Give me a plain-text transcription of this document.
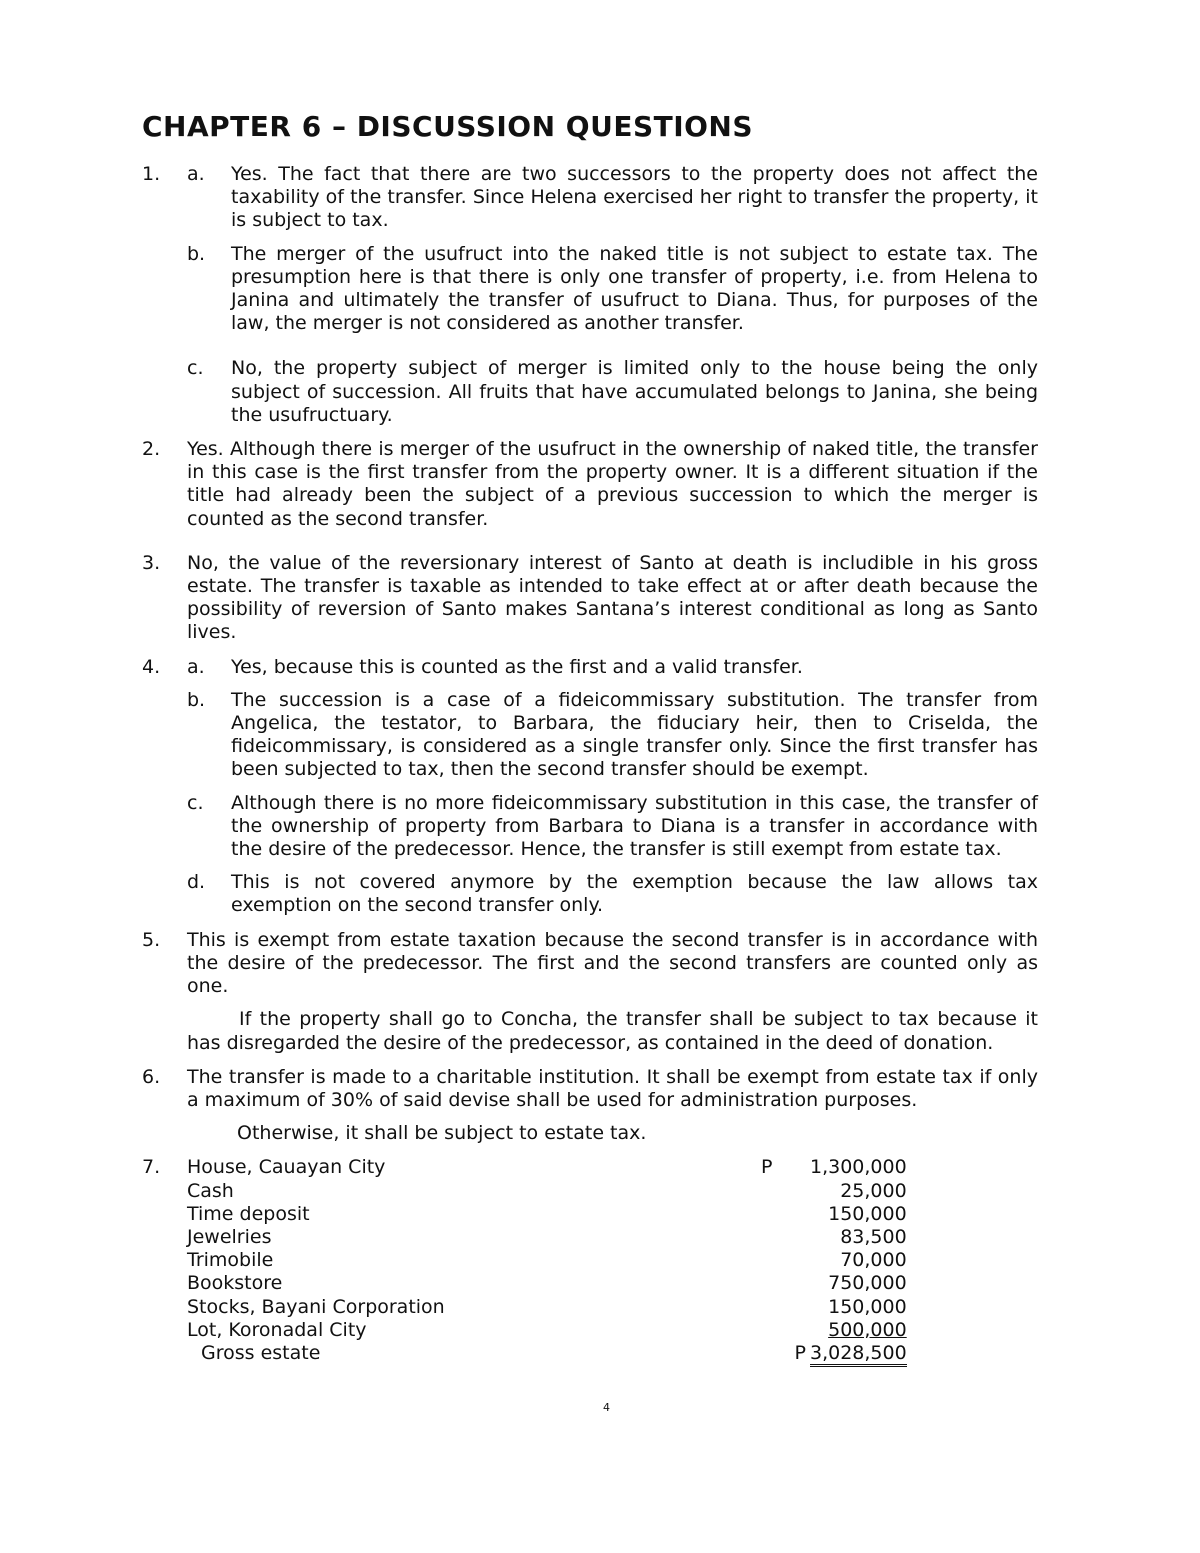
CHAPTER 6 – DISCUSSION QUESTIONS
1. a. Yes. The fact that there are two successors to the property does not affect the taxability of the transfer. Since Helena exercised her right to transfer the property, it is subject to tax.
b. The merger of the usufruct into the naked title is not subject to estate tax. The presumption here is that there is only one transfer of property, i.e. from Helena to Janina and ultimately the transfer of usufruct to Diana. Thus, for purposes of the law, the merger is not considered as another transfer.
c. No, the property subject of merger is limited only to the house being the only subject of succession. All fruits that have accumulated belongs to Janina, she being the usufructuary.
2. Yes. Although there is merger of the usufruct in the ownership of naked title, the transfer in this case is the first transfer from the property owner. It is a different situation if the title had already been the subject of a previous succession to which the merger is counted as the second transfer.
3. No, the value of the reversionary interest of Santo at death is includible in his gross estate. The transfer is taxable as intended to take effect at or after death because the possibility of reversion of Santo makes Santana’s interest conditional as long as Santo lives.
4. a. Yes, because this is counted as the first and a valid transfer.
b. The succession is a case of a fideicommissary substitution. The transfer from Angelica, the testator, to Barbara, the fiduciary heir, then to Criselda, the fideicommissary, is considered as a single transfer only. Since the first transfer has been subjected to tax, then the second transfer should be exempt.
c. Although there is no more fideicommissary substitution in this case, the transfer of the ownership of property from Barbara to Diana is a transfer in accordance with the desire of the predecessor. Hence, the transfer is still exempt from estate tax.
d. This is not covered anymore by the exemption because the law allows tax exemption on the second transfer only.
5. This is exempt from estate taxation because the second transfer is in accordance with the desire of the predecessor. The first and the second transfers are counted only as one.
If the property shall go to Concha, the transfer shall be subject to tax because it has disregarded the desire of the predecessor, as contained in the deed of donation.
6. The transfer is made to a charitable institution. It shall be exempt from estate tax if only a maximum of 30% of said devise shall be used for administration purposes.
Otherwise, it shall be subject to estate tax.
7. House, Cauayan City	P	1,300,000
Cash		25,000
Time deposit		150,000
Jewelries		83,500
Trimobile		70,000
Bookstore		750,000
Stocks, Bayani Corporation		150,000
Lot, Koronadal City		500,000
Gross estate	P	3,028,500
4
